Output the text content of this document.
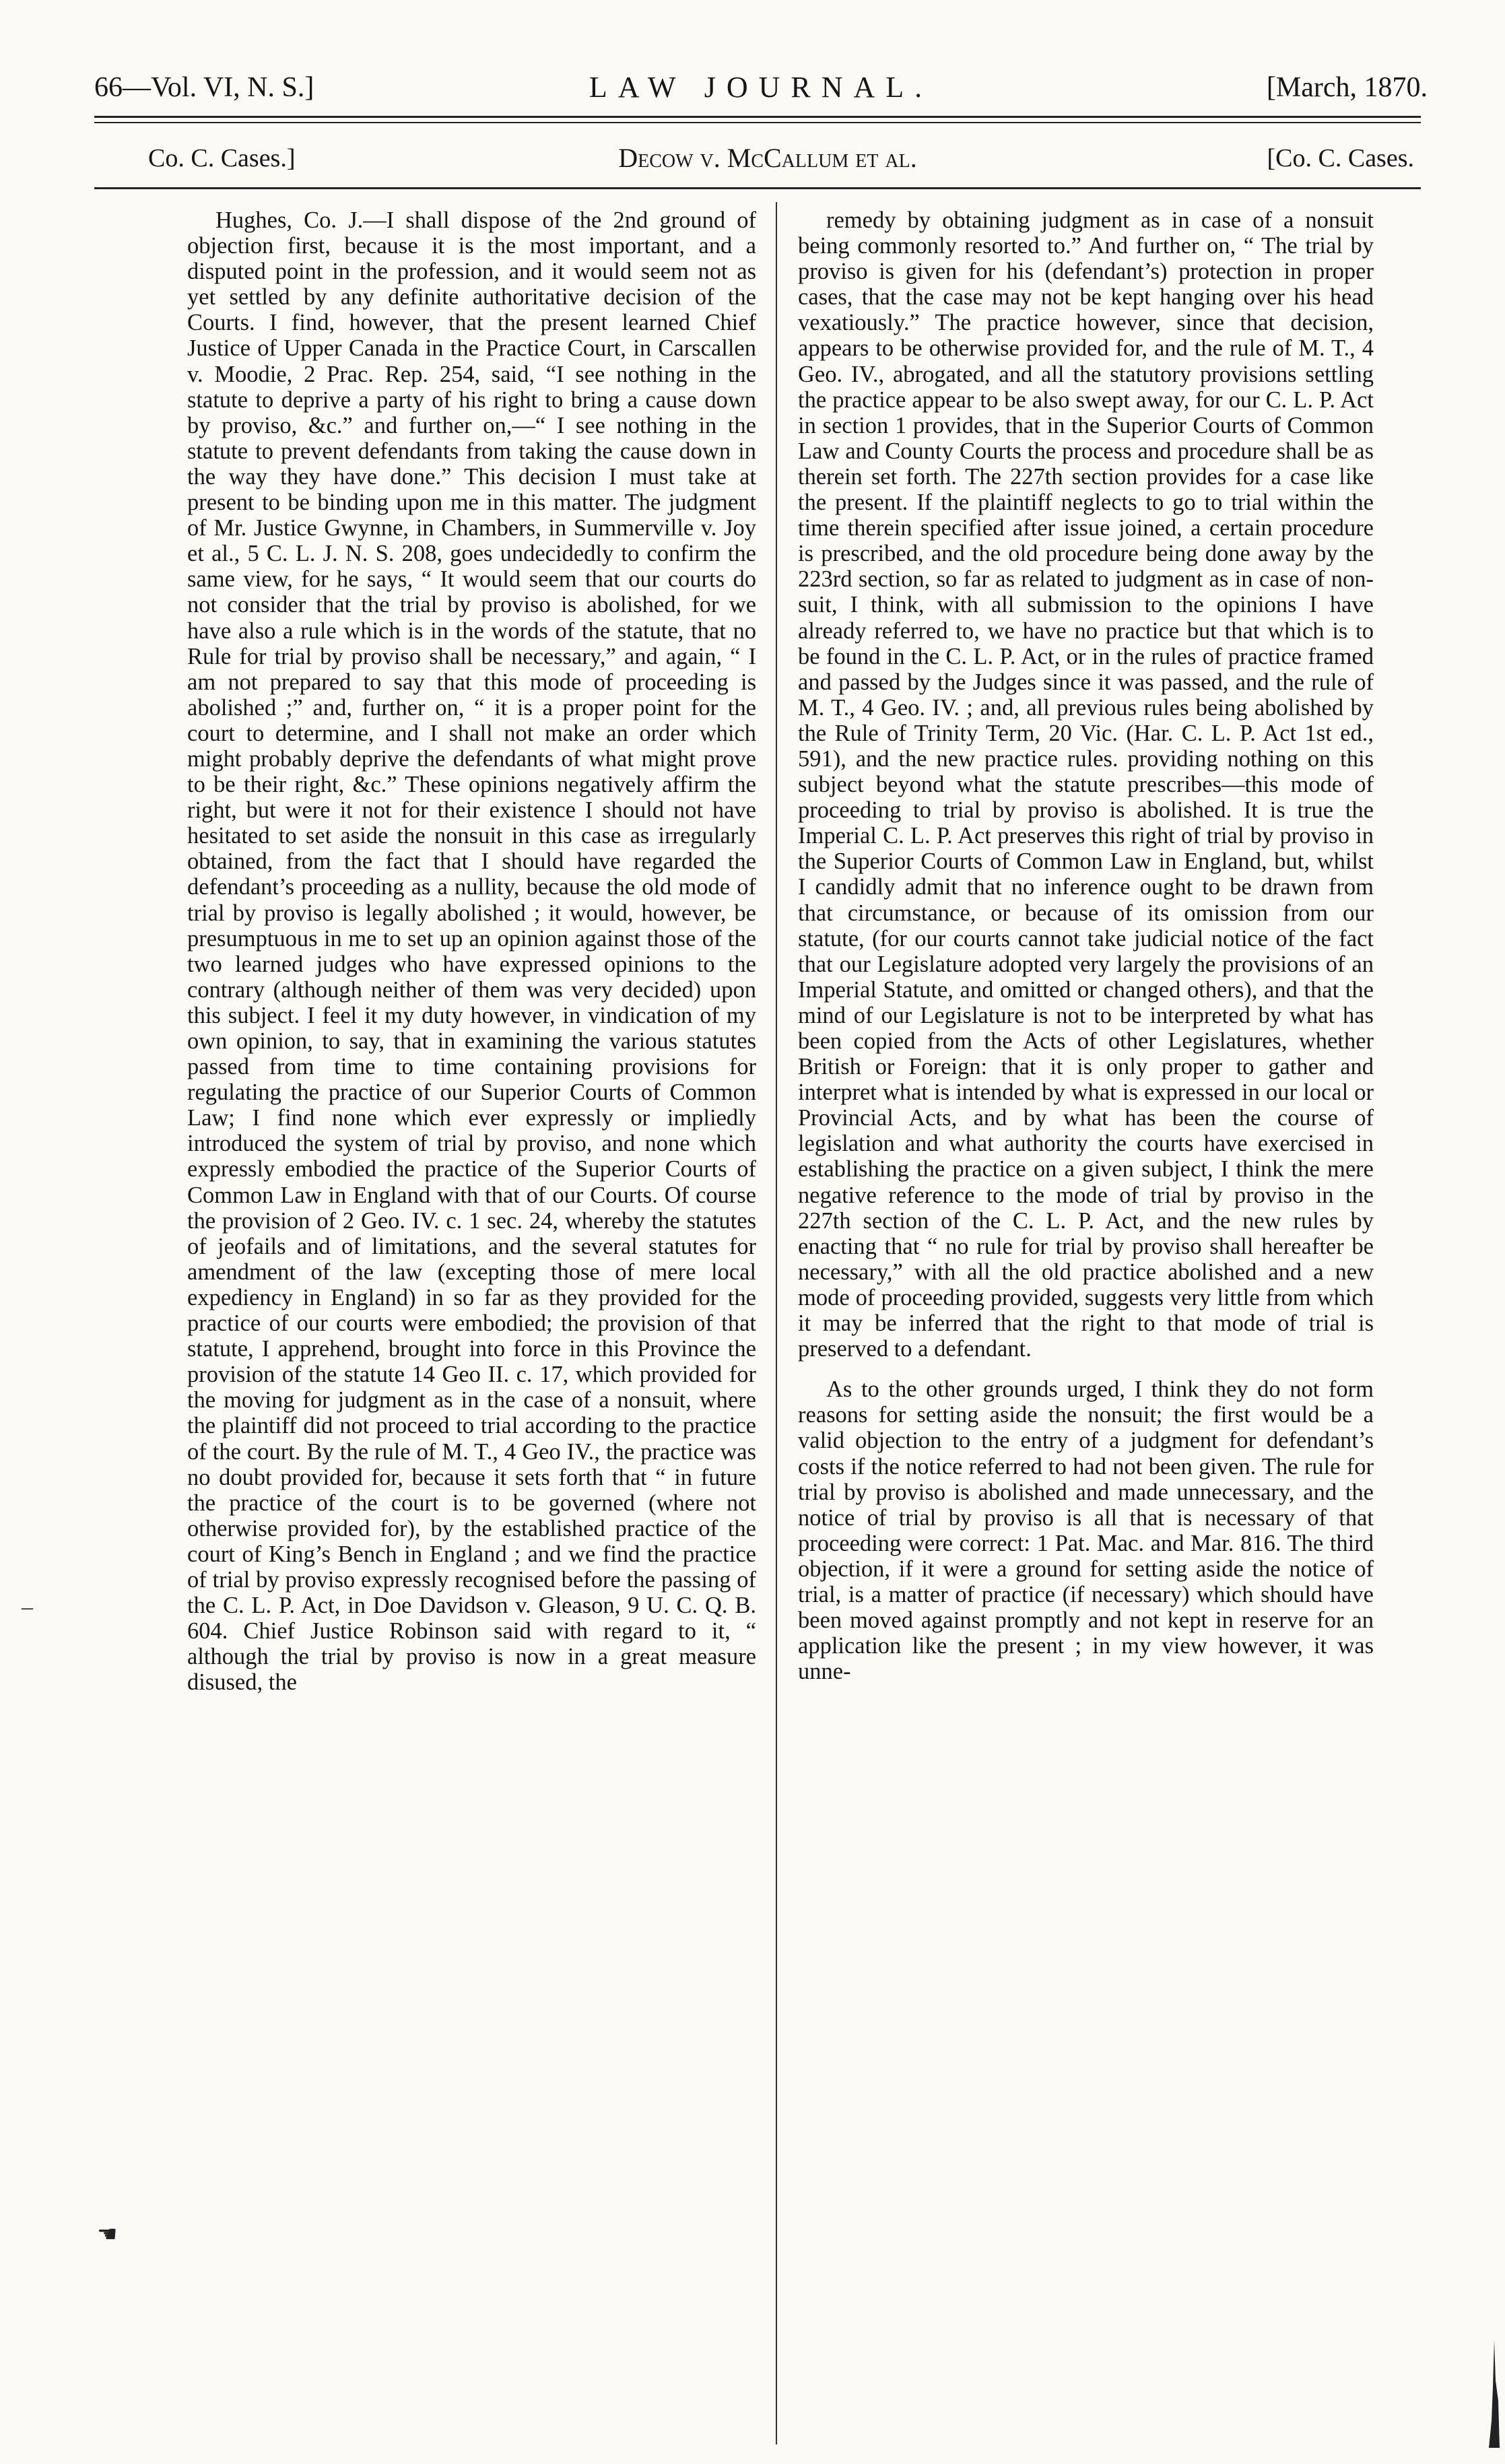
66—Vol. VI, N. S.]	LAW JOURNAL.	[March, 1870.
Co. C. Cases.]	Decow v. McCallum et al.	[Co. C. Cases.

Hughes, Co. J.—I shall dispose of the 2nd ground of objection first, because it is the most important, and a disputed point in the profession, and it would seem not as yet settled by any definite authoritative decision of the Courts. I find, however, that the present learned Chief Justice of Upper Canada in the Practice Court, in Carscallen v. Moodie, 2 Prac. Rep. 254, said, “I see nothing in the statute to deprive a party of his right to bring a cause down by proviso, &c.” and further on,—“ I see nothing in the statute to prevent defendants from taking the cause down in the way they have done.” This decision I must take at present to be binding upon me in this matter. The judgment of Mr. Justice Gwynne, in Chambers, in Summerville v. Joy et al., 5 C. L. J. N. S. 208, goes undecidedly to confirm the same view, for he says, “ It would seem that our courts do not consider that the trial by proviso is abolished, for we have also a rule which is in the words of the statute, that no Rule for trial by proviso shall be necessary,” and again, “ I am not prepared to say that this mode of proceeding is abolished ;” and, further on, “ it is a proper point for the court to determine, and I shall not make an order which might probably deprive the defendants of what might prove to be their right, &c.” These opinions negatively affirm the right, but were it not for their existence I should not have hesitated to set aside the nonsuit in this case as irregularly obtained, from the fact that I should have regarded the defendant’s proceeding as a nullity, because the old mode of trial by proviso is legally abolished ; it would, however, be presumptuous in me to set up an opinion against those of the two learned judges who have expressed opinions to the contrary (although neither of them was very decided) upon this subject. I feel it my duty however, in vindication of my own opinion, to say, that in examining the various statutes passed from time to time containing provisions for regulating the practice of our Superior Courts of Common Law; I find none which ever expressly or impliedly introduced the system of trial by proviso, and none which expressly embodied the practice of the Superior Courts of Common Law in England with that of our Courts. Of course the provision of 2 Geo. IV. c. 1 sec. 24, whereby the statutes of jeofails and of limitations, and the several statutes for amendment of the law (excepting those of mere local expediency in England) in so far as they provided for the practice of our courts were embodied; the provision of that statute, I apprehend, brought into force in this Province the provision of the statute 14 Geo II. c. 17, which provided for the moving for judgment as in the case of a nonsuit, where the plaintiff did not proceed to trial according to the practice of the court. By the rule of M. T., 4 Geo IV., the practice was no doubt provided for, because it sets forth that “ in future the practice of the court is to be governed (where not otherwise provided for), by the established practice of the court of King’s Bench in England ; and we find the practice of trial by proviso expressly recognised before the passing of the C. L. P. Act, in Doe Davidson v. Gleason, 9 U. C. Q. B. 604. Chief Justice Robinson said with regard to it, “ although the trial by proviso is now in a great measure disused, the

remedy by obtaining judgment as in case of a nonsuit being commonly resorted to.” And further on, “ The trial by proviso is given for his (defendant’s) protection in proper cases, that the case may not be kept hanging over his head vexatiously.” The practice however, since that decision, appears to be otherwise provided for, and the rule of M. T., 4 Geo. IV., abrogated, and all the statutory provisions settling the practice appear to be also swept away, for our C. L. P. Act in section 1 provides, that in the Superior Courts of Common Law and County Courts the process and procedure shall be as therein set forth. The 227th section provides for a case like the present. If the plaintiff neglects to go to trial within the time therein specified after issue joined, a certain procedure is prescribed, and the old procedure being done away by the 223rd section, so far as related to judgment as in case of non-suit, I think, with all submission to the opinions I have already referred to, we have no practice but that which is to be found in the C. L. P. Act, or in the rules of practice framed and passed by the Judges since it was passed, and the rule of M. T., 4 Geo. IV. ; and, all previous rules being abolished by the Rule of Trinity Term, 20 Vic. (Har. C. L. P. Act 1st ed., 591), and the new practice rules. providing nothing on this subject beyond what the statute prescribes—this mode of proceeding to trial by proviso is abolished. It is true the Imperial C. L. P. Act preserves this right of trial by proviso in the Superior Courts of Common Law in England, but, whilst I candidly admit that no inference ought to be drawn from that circumstance, or because of its omission from our statute, (for our courts cannot take judicial notice of the fact that our Legislature adopted very largely the provisions of an Imperial Statute, and omitted or changed others), and that the mind of our Legislature is not to be interpreted by what has been copied from the Acts of other Legislatures, whether British or Foreign: that it is only proper to gather and interpret what is intended by what is expressed in our local or Provincial Acts, and by what has been the course of legislation and what authority the courts have exercised in establishing the practice on a given subject, I think the mere negative reference to the mode of trial by proviso in the 227th section of the C. L. P. Act, and the new rules by enacting that “ no rule for trial by proviso shall hereafter be necessary,” with all the old practice abolished and a new mode of proceeding provided, suggests very little from which it may be inferred that the right to that mode of trial is preserved to a defendant.

As to the other grounds urged, I think they do not form reasons for setting aside the nonsuit; the first would be a valid objection to the entry of a judgment for defendant’s costs if the notice referred to had not been given. The rule for trial by proviso is abolished and made unnecessary, and the notice of trial by proviso is all that is necessary of that proceeding were correct: 1 Pat. Mac. and Mar. 816. The third objection, if it were a ground for setting aside the notice of trial, is a matter of practice (if necessary) which should have been moved against promptly and not kept in reserve for an application like the present ; in my view however, it was unne-

–
☚
